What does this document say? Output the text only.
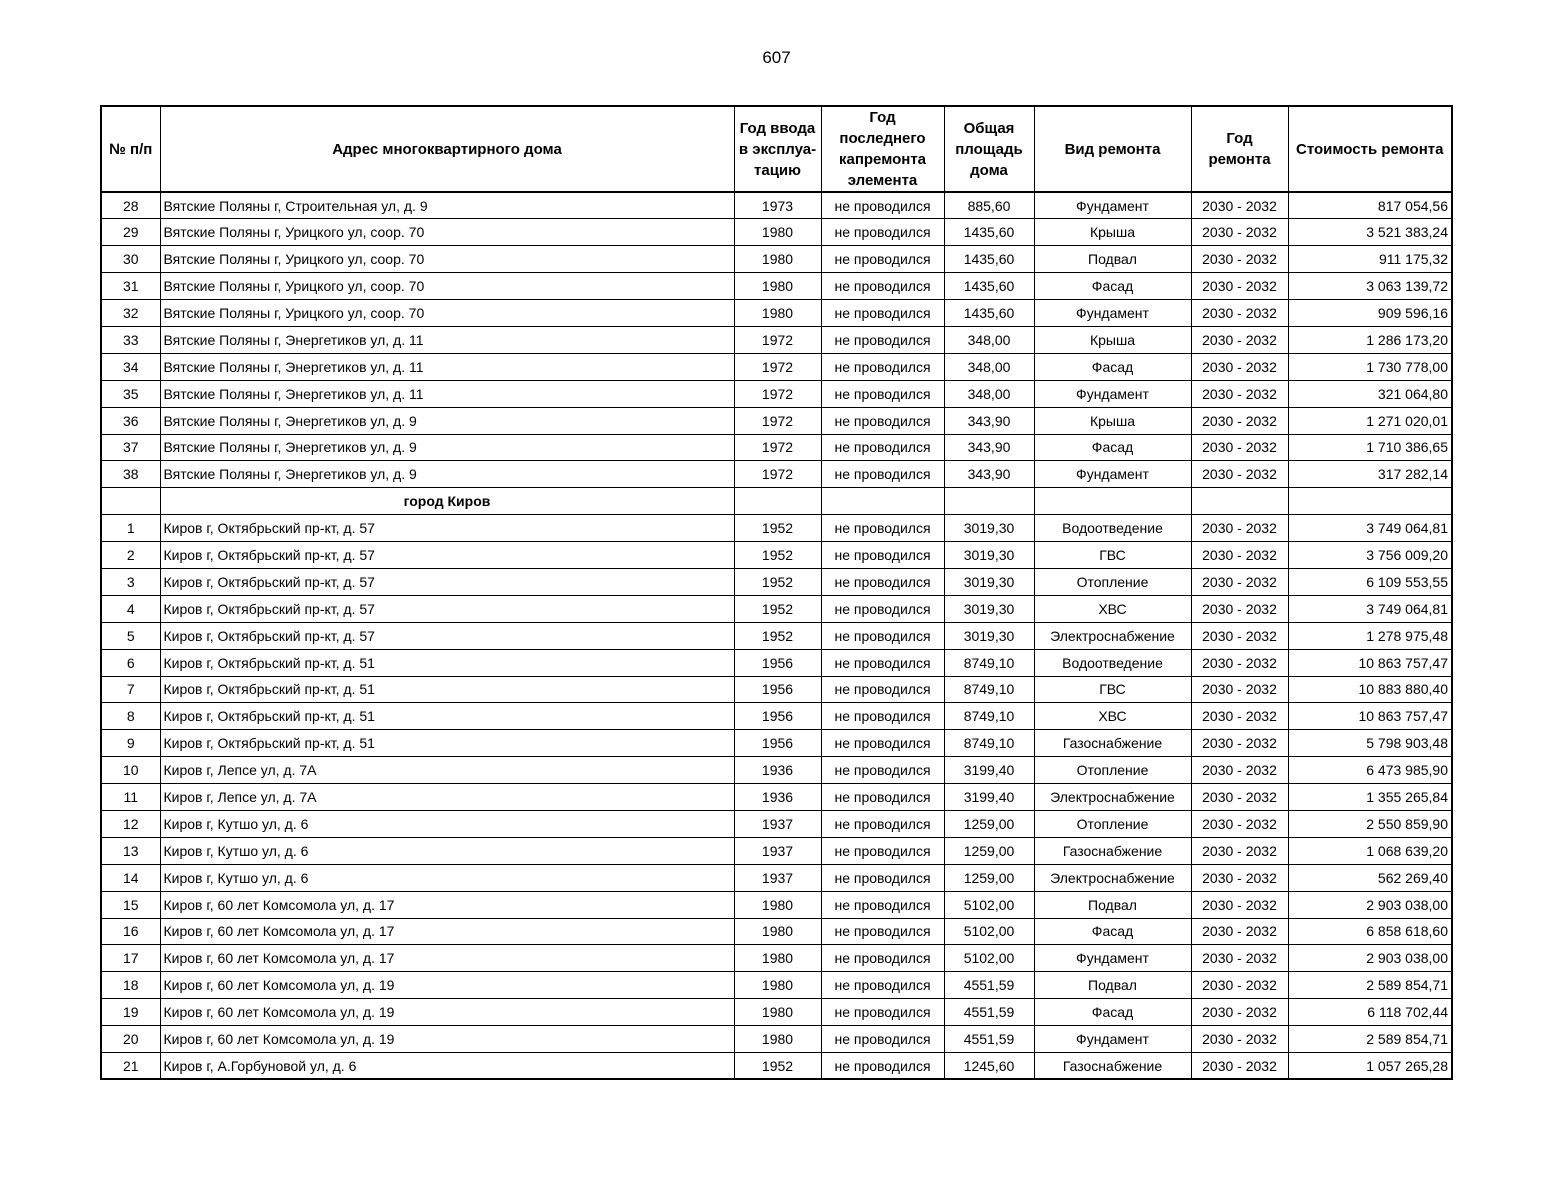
607
№ п/п	Адрес многоквартирного дома	Год ввода в эксплуа-тацию	Год последнего капремонта элемента	Общая площадь дома	Вид ремонта	Год ремонта	Стоимость ремонта
28	Вятские Поляны г, Строительная ул, д. 9	1973	не проводился	885,60	Фундамент	2030 - 2032	817 054,56
29	Вятские Поляны г, Урицкого ул, соор. 70	1980	не проводился	1435,60	Крыша	2030 - 2032	3 521 383,24
30	Вятские Поляны г, Урицкого ул, соор. 70	1980	не проводился	1435,60	Подвал	2030 - 2032	911 175,32
31	Вятские Поляны г, Урицкого ул, соор. 70	1980	не проводился	1435,60	Фасад	2030 - 2032	3 063 139,72
32	Вятские Поляны г, Урицкого ул, соор. 70	1980	не проводился	1435,60	Фундамент	2030 - 2032	909 596,16
33	Вятские Поляны г, Энергетиков ул, д. 11	1972	не проводился	348,00	Крыша	2030 - 2032	1 286 173,20
34	Вятские Поляны г, Энергетиков ул, д. 11	1972	не проводился	348,00	Фасад	2030 - 2032	1 730 778,00
35	Вятские Поляны г, Энергетиков ул, д. 11	1972	не проводился	348,00	Фундамент	2030 - 2032	321 064,80
36	Вятские Поляны г, Энергетиков ул, д. 9	1972	не проводился	343,90	Крыша	2030 - 2032	1 271 020,01
37	Вятские Поляны г, Энергетиков ул, д. 9	1972	не проводился	343,90	Фасад	2030 - 2032	1 710 386,65
38	Вятские Поляны г, Энергетиков ул, д. 9	1972	не проводился	343,90	Фундамент	2030 - 2032	317 282,14
	город Киров						
1	Киров г, Октябрьский пр-кт, д. 57	1952	не проводился	3019,30	Водоотведение	2030 - 2032	3 749 064,81
2	Киров г, Октябрьский пр-кт, д. 57	1952	не проводился	3019,30	ГВС	2030 - 2032	3 756 009,20
3	Киров г, Октябрьский пр-кт, д. 57	1952	не проводился	3019,30	Отопление	2030 - 2032	6 109 553,55
4	Киров г, Октябрьский пр-кт, д. 57	1952	не проводился	3019,30	ХВС	2030 - 2032	3 749 064,81
5	Киров г, Октябрьский пр-кт, д. 57	1952	не проводился	3019,30	Электроснабжение	2030 - 2032	1 278 975,48
6	Киров г, Октябрьский пр-кт, д. 51	1956	не проводился	8749,10	Водоотведение	2030 - 2032	10 863 757,47
7	Киров г, Октябрьский пр-кт, д. 51	1956	не проводился	8749,10	ГВС	2030 - 2032	10 883 880,40
8	Киров г, Октябрьский пр-кт, д. 51	1956	не проводился	8749,10	ХВС	2030 - 2032	10 863 757,47
9	Киров г, Октябрьский пр-кт, д. 51	1956	не проводился	8749,10	Газоснабжение	2030 - 2032	5 798 903,48
10	Киров г, Лепсе ул, д. 7А	1936	не проводился	3199,40	Отопление	2030 - 2032	6 473 985,90
11	Киров г, Лепсе ул, д. 7А	1936	не проводился	3199,40	Электроснабжение	2030 - 2032	1 355 265,84
12	Киров г, Кутшо ул, д. 6	1937	не проводился	1259,00	Отопление	2030 - 2032	2 550 859,90
13	Киров г, Кутшо ул, д. 6	1937	не проводился	1259,00	Газоснабжение	2030 - 2032	1 068 639,20
14	Киров г, Кутшо ул, д. 6	1937	не проводился	1259,00	Электроснабжение	2030 - 2032	562 269,40
15	Киров г, 60 лет Комсомола ул, д. 17	1980	не проводился	5102,00	Подвал	2030 - 2032	2 903 038,00
16	Киров г, 60 лет Комсомола ул, д. 17	1980	не проводился	5102,00	Фасад	2030 - 2032	6 858 618,60
17	Киров г, 60 лет Комсомола ул, д. 17	1980	не проводился	5102,00	Фундамент	2030 - 2032	2 903 038,00
18	Киров г, 60 лет Комсомола ул, д. 19	1980	не проводился	4551,59	Подвал	2030 - 2032	2 589 854,71
19	Киров г, 60 лет Комсомола ул, д. 19	1980	не проводился	4551,59	Фасад	2030 - 2032	6 118 702,44
20	Киров г, 60 лет Комсомола ул, д. 19	1980	не проводился	4551,59	Фундамент	2030 - 2032	2 589 854,71
21	Киров г, А.Горбуновой ул, д. 6	1952	не проводился	1245,60	Газоснабжение	2030 - 2032	1 057 265,28
